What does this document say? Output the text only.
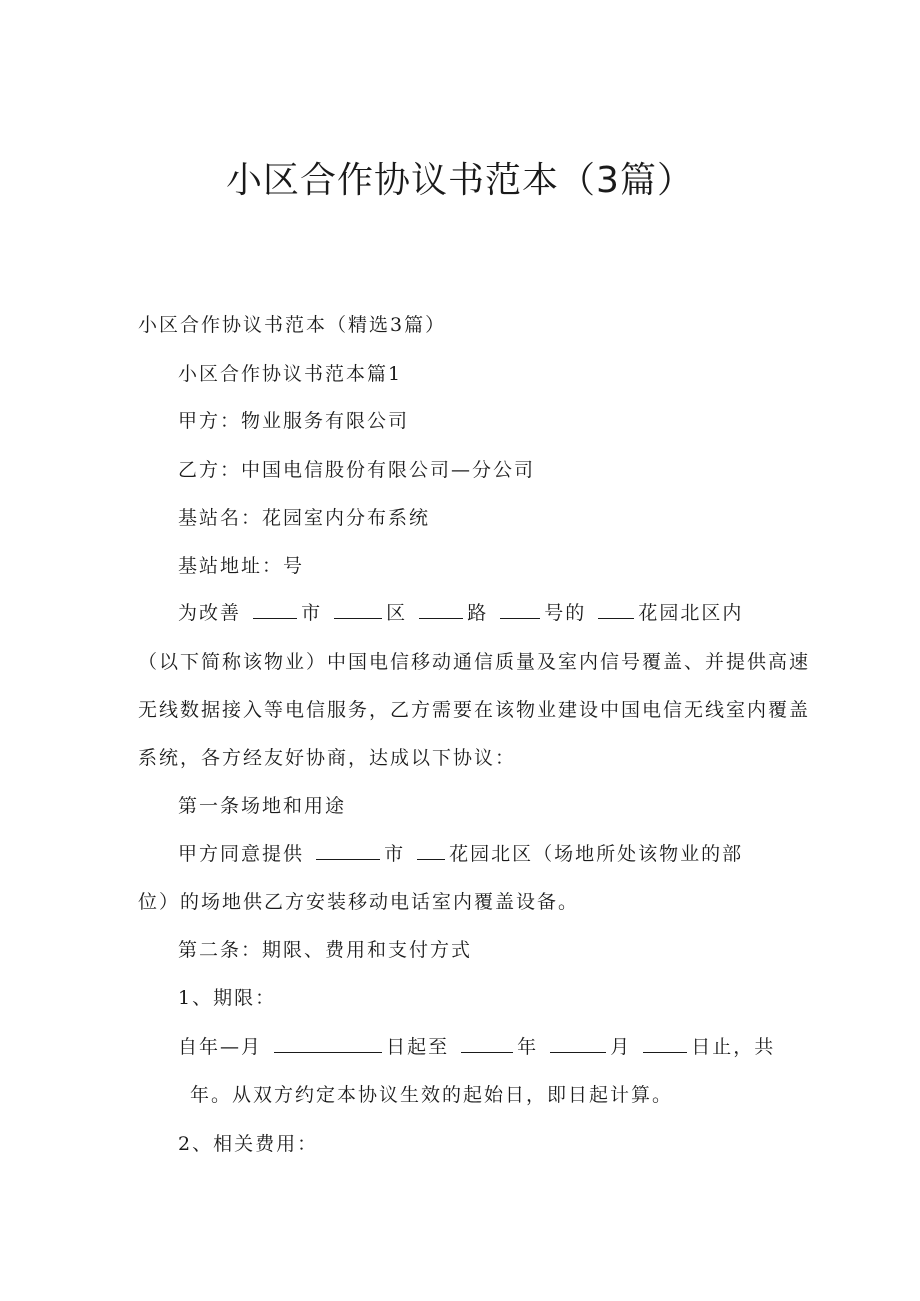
小区合作协议书范本（3篇）

小区合作协议书范本（精选3篇）

小区合作协议书范本篇1

甲方：物业服务有限公司

乙方：中国电信股份有限公司—分公司

基站名：花园室内分布系统

基站地址：号

为改善	市	区	路	号的	花园北区内

（以下简称该物业）中国电信移动通信质量及室内信号覆盖、并提供高速

无线数据接入等电信服务，乙方需要在该物业建设中国电信无线室内覆盖

系统，各方经友好协商，达成以下协议：

第一条场地和用途

甲方同意提供	市 花园北区（场地所处该物业的部

位）的场地供乙方安装移动电话室内覆盖设备。

第二条：期限、费用和支付方式

1、期限：

自年—月	日起至	年	月	日止，共

年。从双方约定本协议生效的起始日，即日起计算。

2、相关费用：
